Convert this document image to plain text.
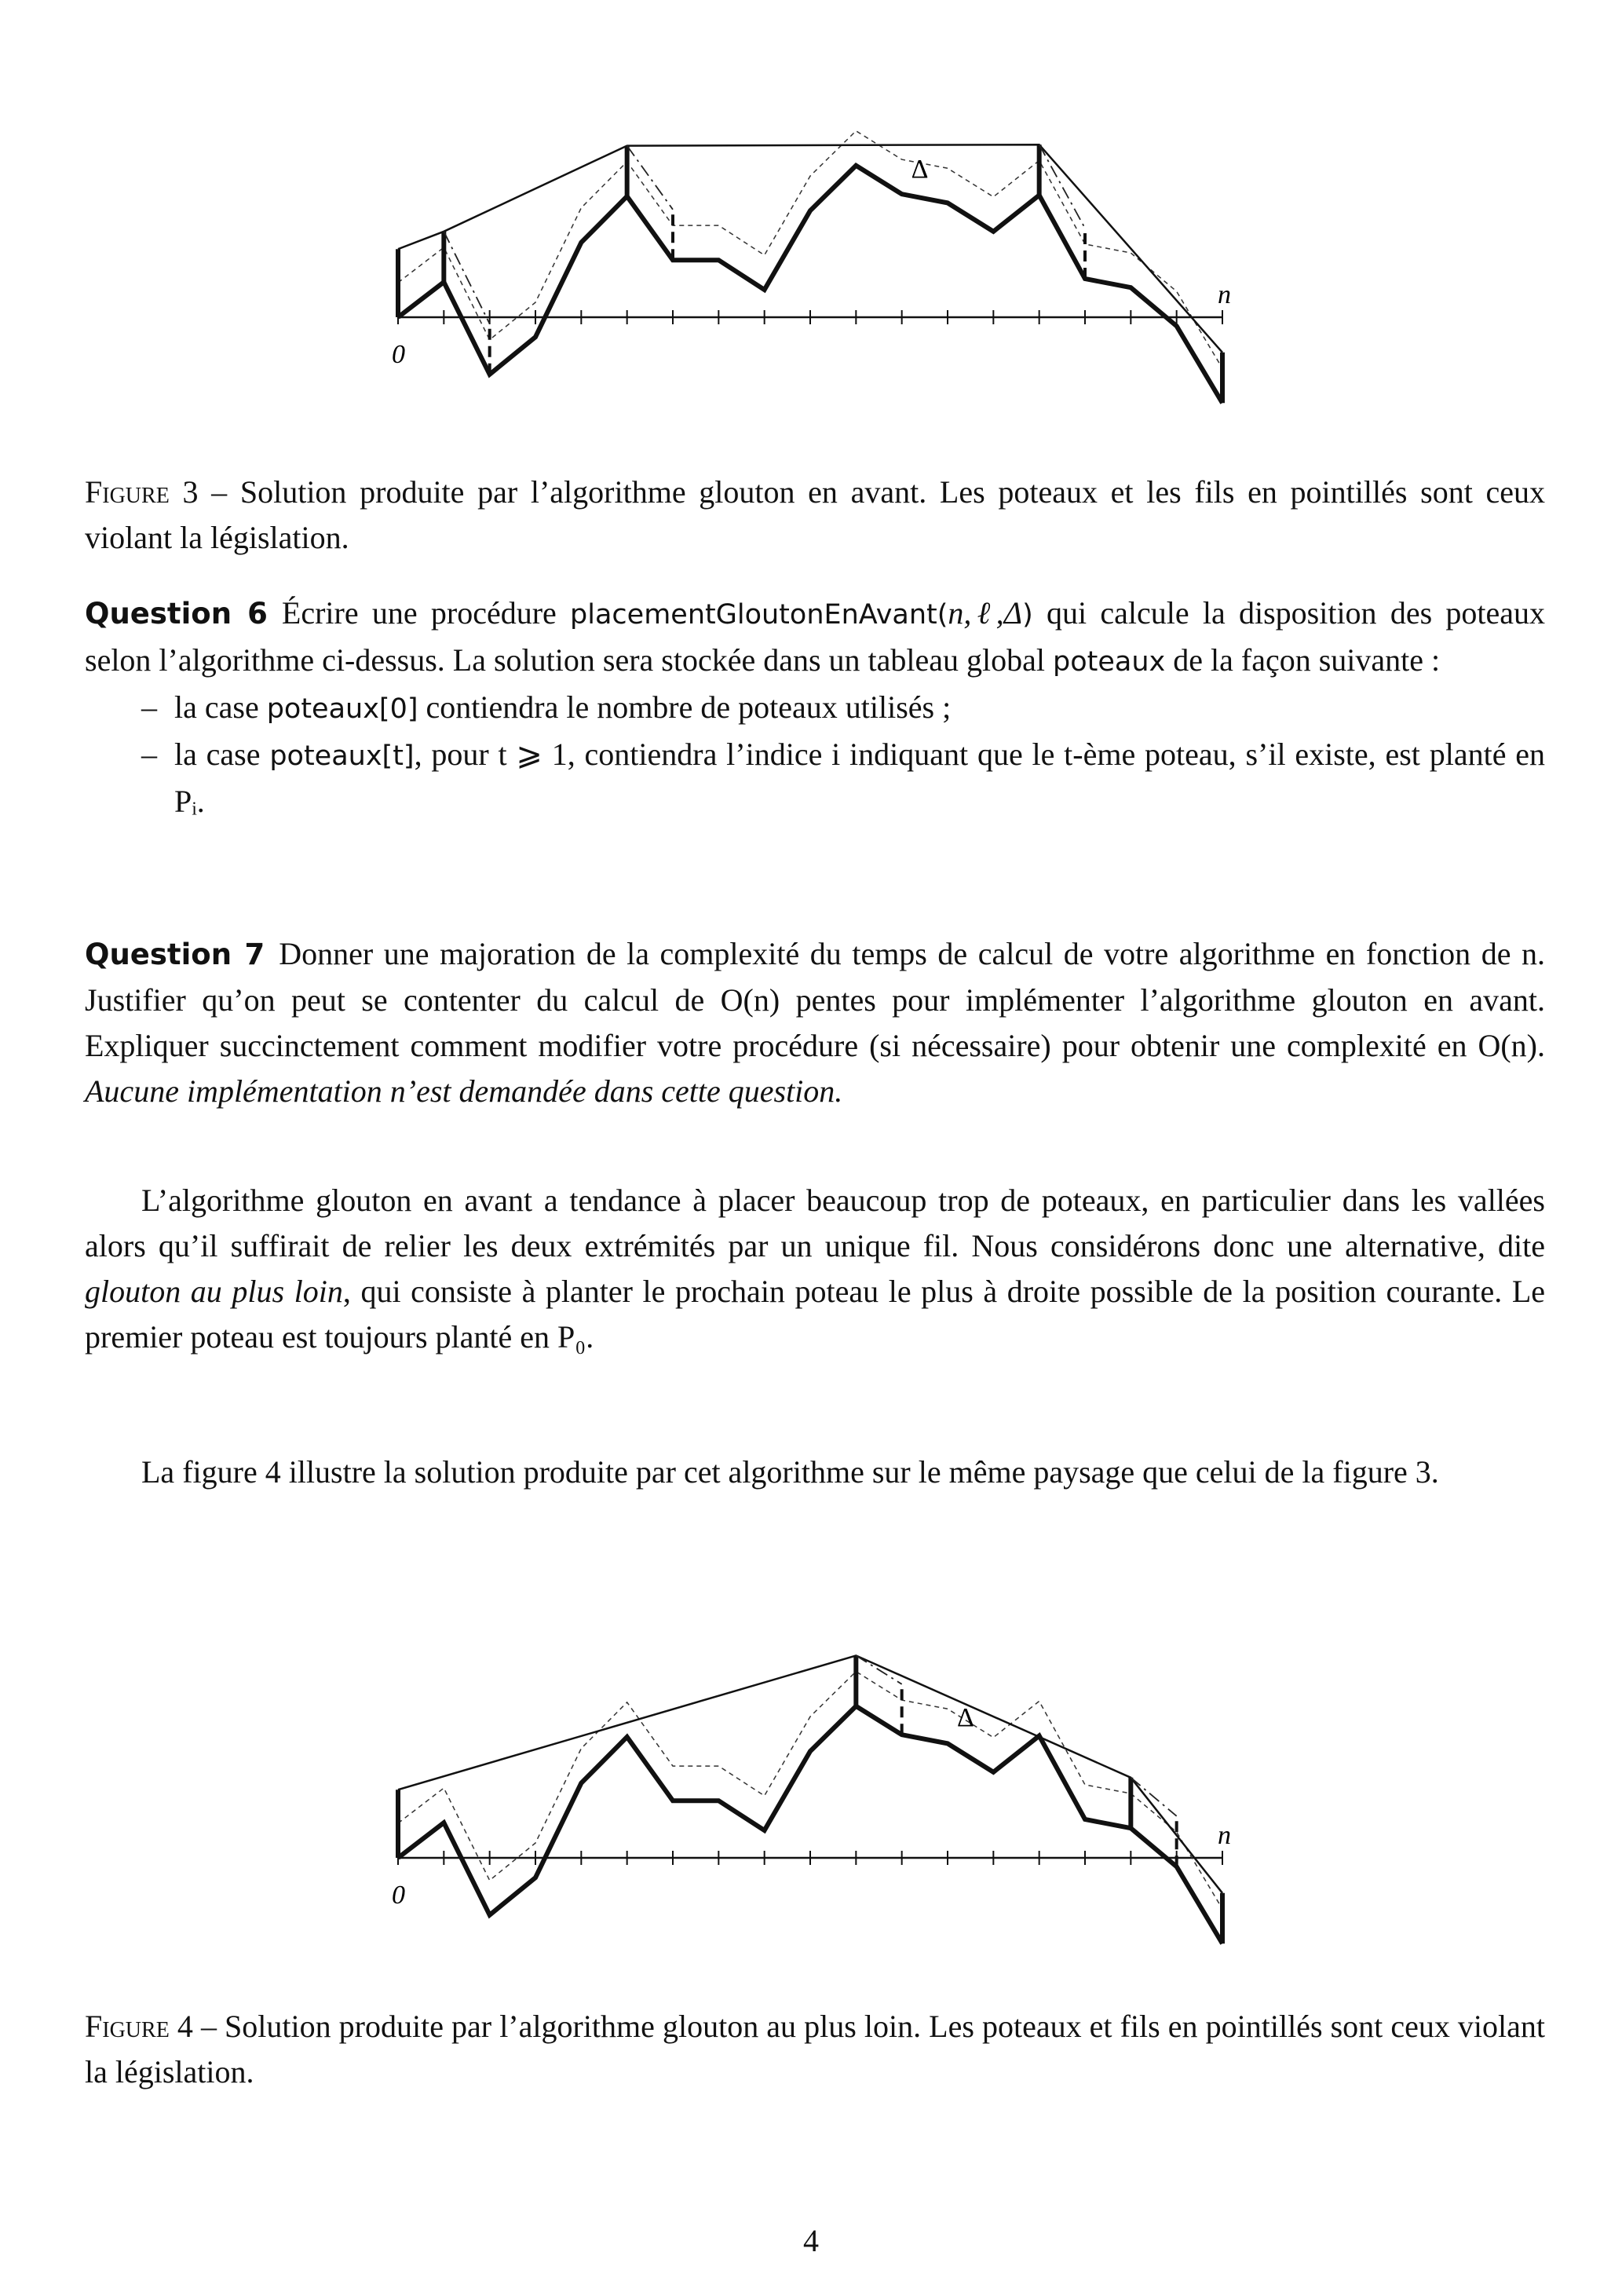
0
n
Δ
Figure 3 – Solution produite par l’algorithme glouton en avant. Les poteaux et les fils en pointillés sont ceux violant la législation.
Question 6 Écrire une procédure placementGloutonEnAvant(n,ℓ,Δ) qui calcule la disposition des poteaux selon l’algorithme ci-dessus. La solution sera stockée dans un tableau global poteaux de la façon suivante :
– la case poteaux[0] contiendra le nombre de poteaux utilisés ;
– la case poteaux[t], pour t ⩾ 1, contiendra l’indice i indiquant que le t-ème poteau, s’il existe, est planté en Pᵢ.
Question 7 Donner une majoration de la complexité du temps de calcul de votre algorithme en fonction de n. Justifier qu’on peut se contenter du calcul de O(n) pentes pour implémenter l’algorithme glouton en avant. Expliquer succinctement comment modifier votre procédure (si nécessaire) pour obtenir une complexité en O(n). Aucune implémentation n’est demandée dans cette question.
L’algorithme glouton en avant a tendance à placer beaucoup trop de poteaux, en particulier dans les vallées alors qu’il suffirait de relier les deux extrémités par un unique fil. Nous considérons donc une alternative, dite glouton au plus loin, qui consiste à planter le prochain poteau le plus à droite possible de la position courante. Le premier poteau est toujours planté en P₀.
La figure 4 illustre la solution produite par cet algorithme sur le même paysage que celui de la figure 3.
0
n
Δ
Figure 4 – Solution produite par l’algorithme glouton au plus loin. Les poteaux et fils en pointillés sont ceux violant la législation.
4
